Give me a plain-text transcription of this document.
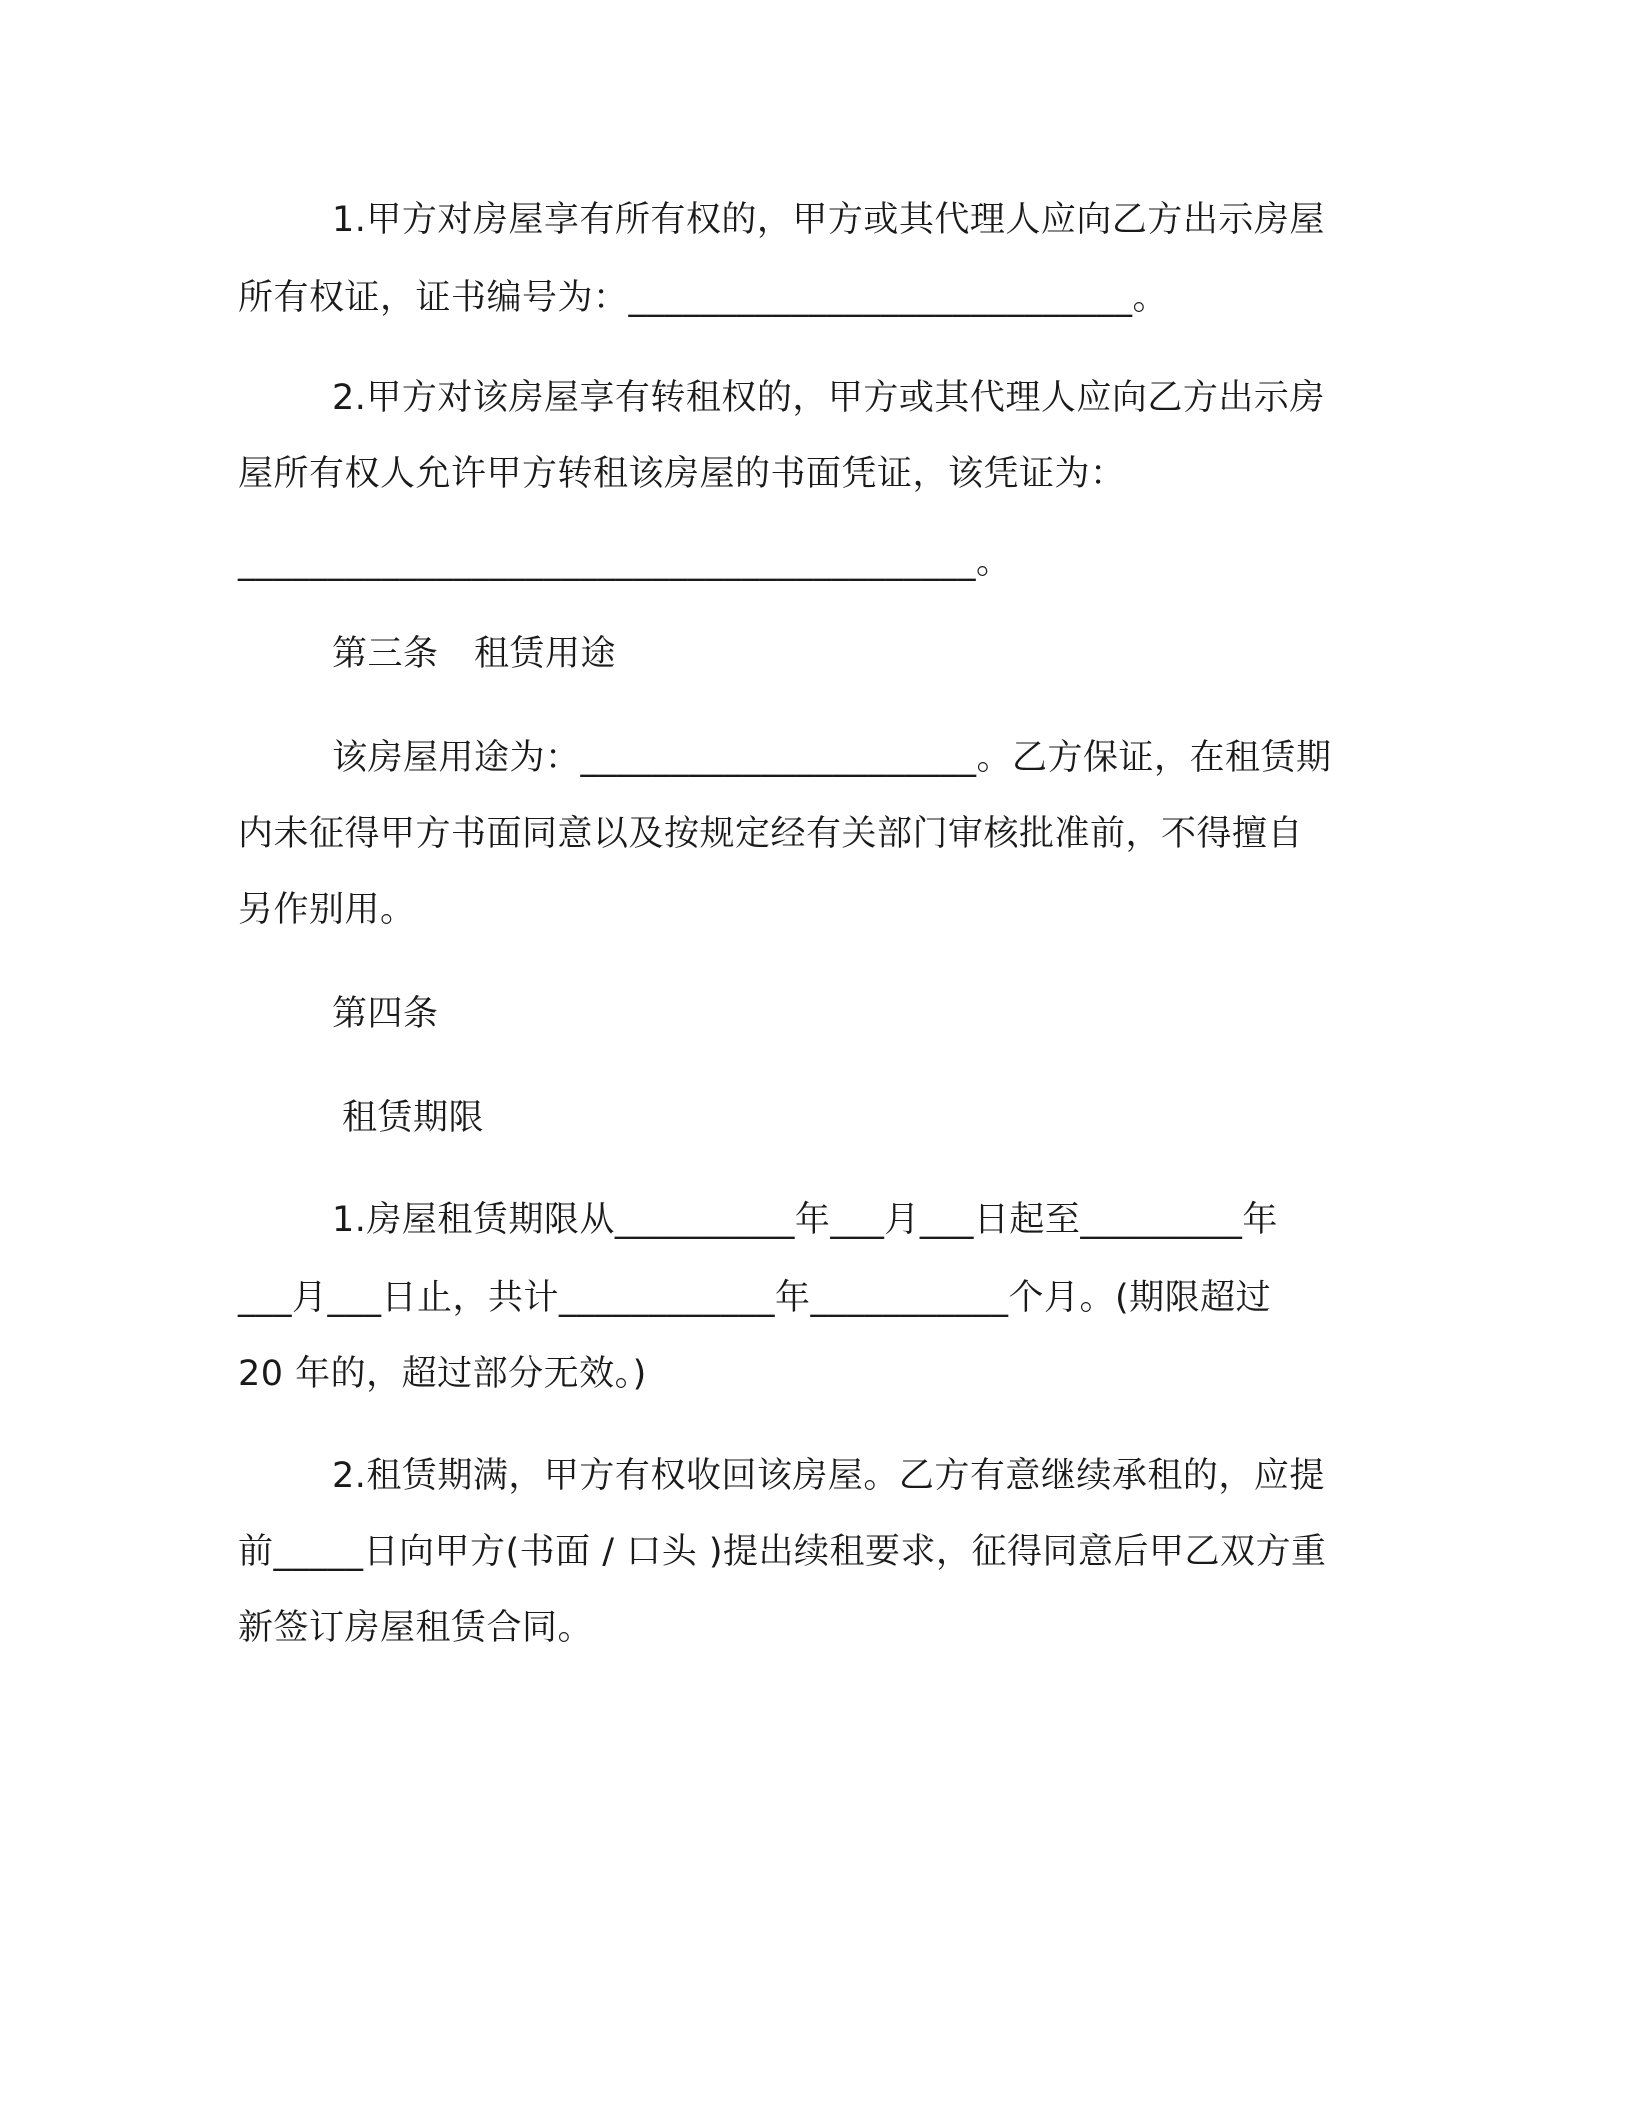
1.甲方对房屋享有所有权的，甲方或其代理人应向乙方出示房屋
所有权证，证书编号为：____________________________。
2.甲方对该房屋享有转租权的，甲方或其代理人应向乙方出示房
屋所有权人允许甲方转租该房屋的书面凭证，该凭证为：
_________________________________________。
第三条　租赁用途
该房屋用途为：______________________。乙方保证，在租赁期
内未征得甲方书面同意以及按规定经有关部门审核批准前，不得擅自
另作别用。
第四条
租赁期限
1.房屋租赁期限从__________年___月___日起至_________年
___月___日止，共计____________年___________个月。(期限超过
20 年的，超过部分无效。)
2.租赁期满，甲方有权收回该房屋。乙方有意继续承租的，应提
前_____日向甲方(书面 / 口头 )提出续租要求，征得同意后甲乙双方重
新签订房屋租赁合同。
